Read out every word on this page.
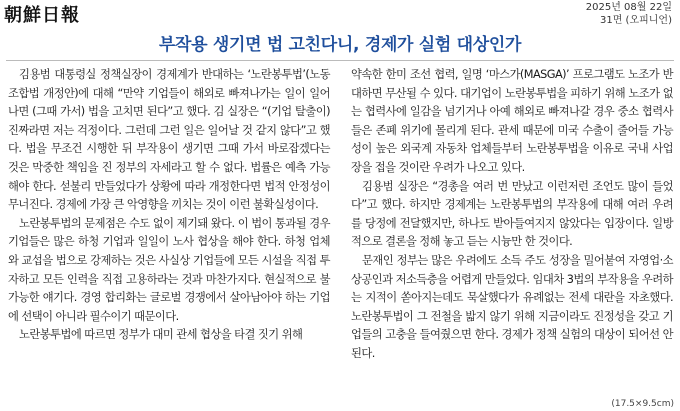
朝鮮日報	2025년 08월 22일
31면 (오피니언)
부작용 생기면 법 고친다니, 경제가 실험 대상인가

김용범 대통령실 정책실장이 경제계가 반대하는 ‘노란봉투법’(노동조합법 개정안)에 대해 “만약 기업들이 해외로 빠져나가는 일이 일어나면 (그때 가서) 법을 고치면 된다”고 했다. 김 실장은 “(기업 탈출이) 진짜라면 저는 걱정이다. 그런데 그런 일은 일어날 것 같지 않다”고 했다. 법을 무조건 시행한 뒤 부작용이 생기면 그때 가서 바로잡겠다는 것은 막중한 책임을 진 정부의 자세라고 할 수 없다. 법률은 예측 가능해야 한다. 섣불리 만들었다가 상황에 따라 개정한다면 법적 안정성이 무너진다. 경제에 가장 큰 악영향을 끼치는 것이 이런 불확실성이다.

노란봉투법의 문제점은 수도 없이 제기돼 왔다. 이 법이 통과될 경우 기업들은 많은 하청 기업과 일일이 노사 협상을 해야 한다. 하청 업체와 교섭을 법으로 강제하는 것은 사실상 기업들에 모든 시설을 직접 투자하고 모든 인력을 직접 고용하라는 것과 마찬가지다. 현실적으로 불가능한 얘기다. 경영 합리화는 글로벌 경쟁에서 살아남아야 하는 기업에 선택이 아니라 필수이기 때문이다.

노란봉투법에 따르면 정부가 대미 관세 협상을 타결 짓기 위해

약속한 한미 조선 협력, 일명 ‘마스가(MASGA)’ 프로그램도 노조가 반대하면 무산될 수 있다. 대기업이 노란봉투법을 피하기 위해 노조가 없는 협력사에 일감을 넘기거나 아예 해외로 빠져나갈 경우 중소 협력사들은 존폐 위기에 몰리게 된다. 관세 때문에 미국 수출이 줄어들 가능성이 높은 외국계 자동차 업체들부터 노란봉투법을 이유로 국내 사업장을 접을 것이란 우려가 나오고 있다.

김용범 실장은 “경총을 여러 번 만났고 이런저런 조언도 많이 들었다”고 했다. 하지만 경제계는 노란봉투법의 부작용에 대해 여러 우려를 당정에 전달했지만, 하나도 받아들여지지 않았다는 입장이다. 일방적으로 결론을 정해 놓고 듣는 시늉만 한 것이다.

문재인 정부는 많은 우려에도 소득 주도 성장을 밀어붙여 자영업·소상공인과 저소득층을 어렵게 만들었다. 임대차 3법의 부작용을 우려하는 지적이 쏟아지는데도 묵살했다가 유례없는 전세 대란을 자초했다. 노란봉투법이 그 전철을 밟지 않기 위해 지금이라도 진정성을 갖고 기업들의 고충을 들여줬으면 한다. 경제가 정책 실험의 대상이 되어선 안 된다.

(17.5×9.5cm)
